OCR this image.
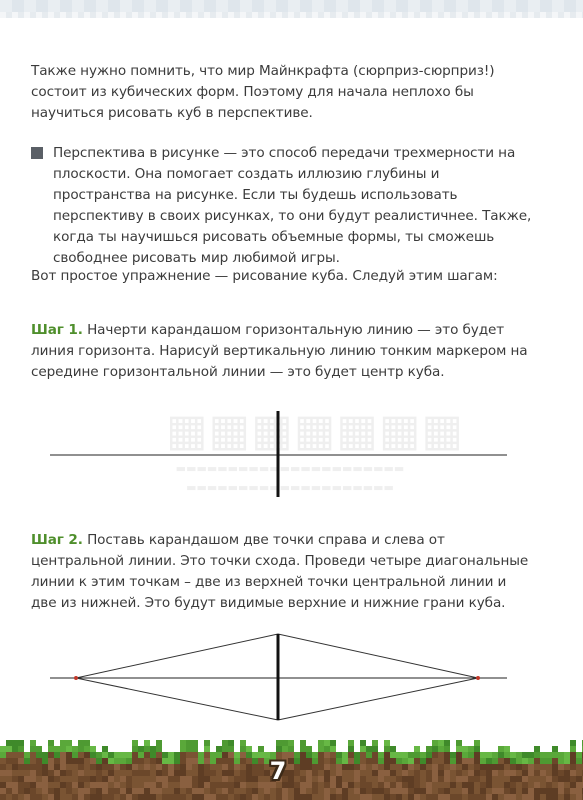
Также нужно помнить, что мир Майнкрафта (сюрприз-сюрприз!) состоит из кубических форм. Поэтому для начала неплохо бы научиться рисовать куб в перспективе.

Перспектива в рисунке — это способ передачи трехмерности на плоскости. Она помогает создать иллюзию глубины и пространства на рисунке. Если ты будешь использовать перспективу в своих рисунках, то они будут реалистичнее. Также, когда ты научишься рисовать объемные формы, ты сможешь свободнее рисовать мир любимой игры.

Вот простое упражнение — рисование куба. Следуй этим шагам:

Шаг 1. Начерти карандашом горизонтальную линию — это будет линия горизонта. Нарисуй вертикальную линию тонким маркером на середине горизонтальной линии — это будет центр куба.

▦▦▦▦▦▦▦
▬▬▬▬▬▬▬▬▬▬▬▬▬▬▬▬▬▬▬▬▬▬
▬▬▬▬▬▬▬▬▬▬▬▬▬▬▬▬▬▬▬▬

Шаг 2. Поставь карандашом две точки справа и слева от центральной линии. Это точки схода. Проведи четыре диагональные линии к этим точкам – две из верхней точки центральной линии и две из нижней. Это будут видимые верхние и нижние грани куба.

7
